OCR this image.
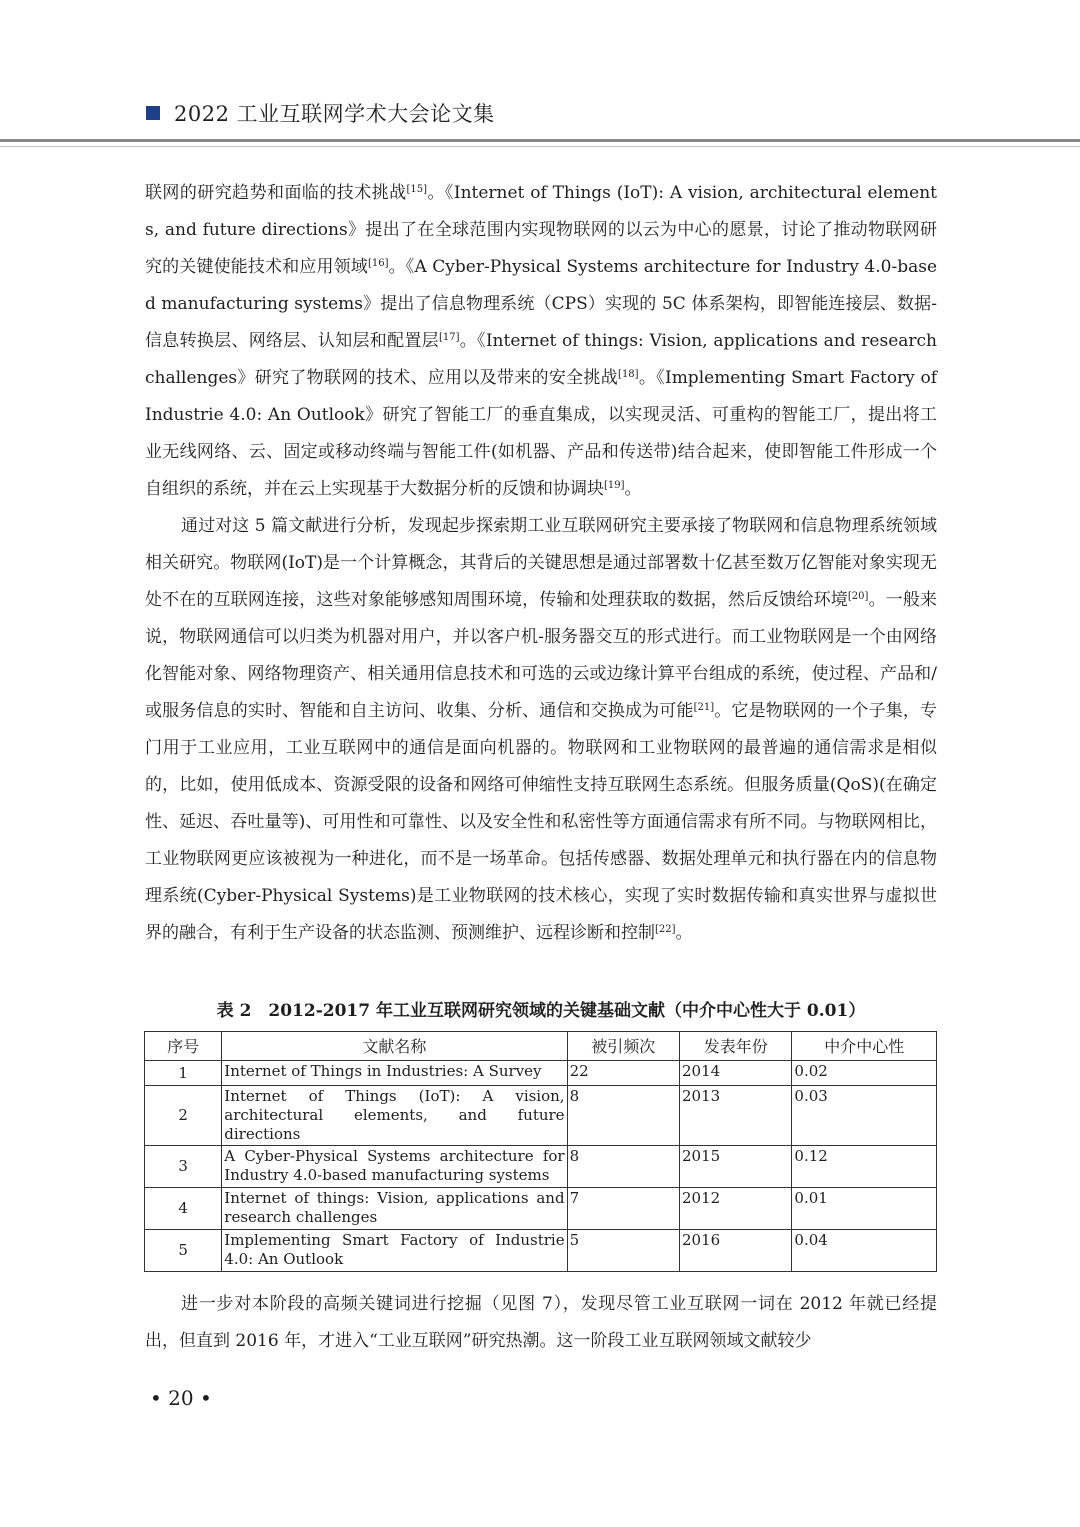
2022 工业互联网学术大会论文集
联网的研究趋势和面临的技术挑战[15]。《Internet of Things (IoT): A vision, architectural elements, and future directions》提出了在全球范围内实现物联网的以云为中心的愿景，讨论了推动物联网研究的关键使能技术和应用领域[16]。《A Cyber-Physical Systems architecture for Industry 4.0-based manufacturing systems》提出了信息物理系统（CPS）实现的 5C 体系架构，即智能连接层、数据-信息转换层、网络层、认知层和配置层[17]。《Internet of things: Vision, applications and research challenges》研究了物联网的技术、应用以及带来的安全挑战[18]。《Implementing Smart Factory of Industrie 4.0: An Outlook》研究了智能工厂的垂直集成，以实现灵活、可重构的智能工厂，提出将工业无线网络、云、固定或移动终端与智能工件(如机器、产品和传送带)结合起来，使即智能工件形成一个自组织的系统，并在云上实现基于大数据分析的反馈和协调块[19]。
通过对这 5 篇文献进行分析，发现起步探索期工业互联网研究主要承接了物联网和信息物理系统领域相关研究。物联网(IoT)是一个计算概念，其背后的关键思想是通过部署数十亿甚至数万亿智能对象实现无处不在的互联网连接，这些对象能够感知周围环境，传输和处理获取的数据，然后反馈给环境[20]。一般来说，物联网通信可以归类为机器对用户，并以客户机-服务器交互的形式进行。而工业物联网是一个由网络化智能对象、网络物理资产、相关通用信息技术和可选的云或边缘计算平台组成的系统，使过程、产品和/或服务信息的实时、智能和自主访问、收集、分析、通信和交换成为可能[21]。它是物联网的一个子集，专门用于工业应用，工业互联网中的通信是面向机器的。物联网和工业物联网的最普遍的通信需求是相似的，比如，使用低成本、资源受限的设备和网络可伸缩性支持互联网生态系统。但服务质量(QoS)(在确定性、延迟、吞吐量等)、可用性和可靠性、以及安全性和私密性等方面通信需求有所不同。与物联网相比，工业物联网更应该被视为一种进化，而不是一场革命。包括传感器、数据处理单元和执行器在内的信息物理系统(Cyber-Physical Systems)是工业物联网的技术核心，实现了实时数据传输和真实世界与虚拟世界的融合，有利于生产设备的状态监测、预测维护、远程诊断和控制[22]。
表 2　2012-2017 年工业互联网研究领域的关键基础文献（中介中心性大于 0.01）
序号	文献名称	被引频次	发表年份	中介中心性
1	Internet of Things in Industries: A Survey	22	2014	0.02
2	Internet of Things (IoT): A vision, architectural elements, and future directions	8	2013	0.03
3	A Cyber-Physical Systems architecture for Industry 4.0-based manufacturing systems	8	2015	0.12
4	Internet of things: Vision, applications and research challenges	7	2012	0.01
5	Implementing Smart Factory of Industrie 4.0: An Outlook	5	2016	0.04
进一步对本阶段的高频关键词进行挖掘（见图 7），发现尽管工业互联网一词在 2012 年就已经提出，但直到 2016 年，才进入“工业互联网”研究热潮。这一阶段工业互联网领域文献较少
• 20 •
